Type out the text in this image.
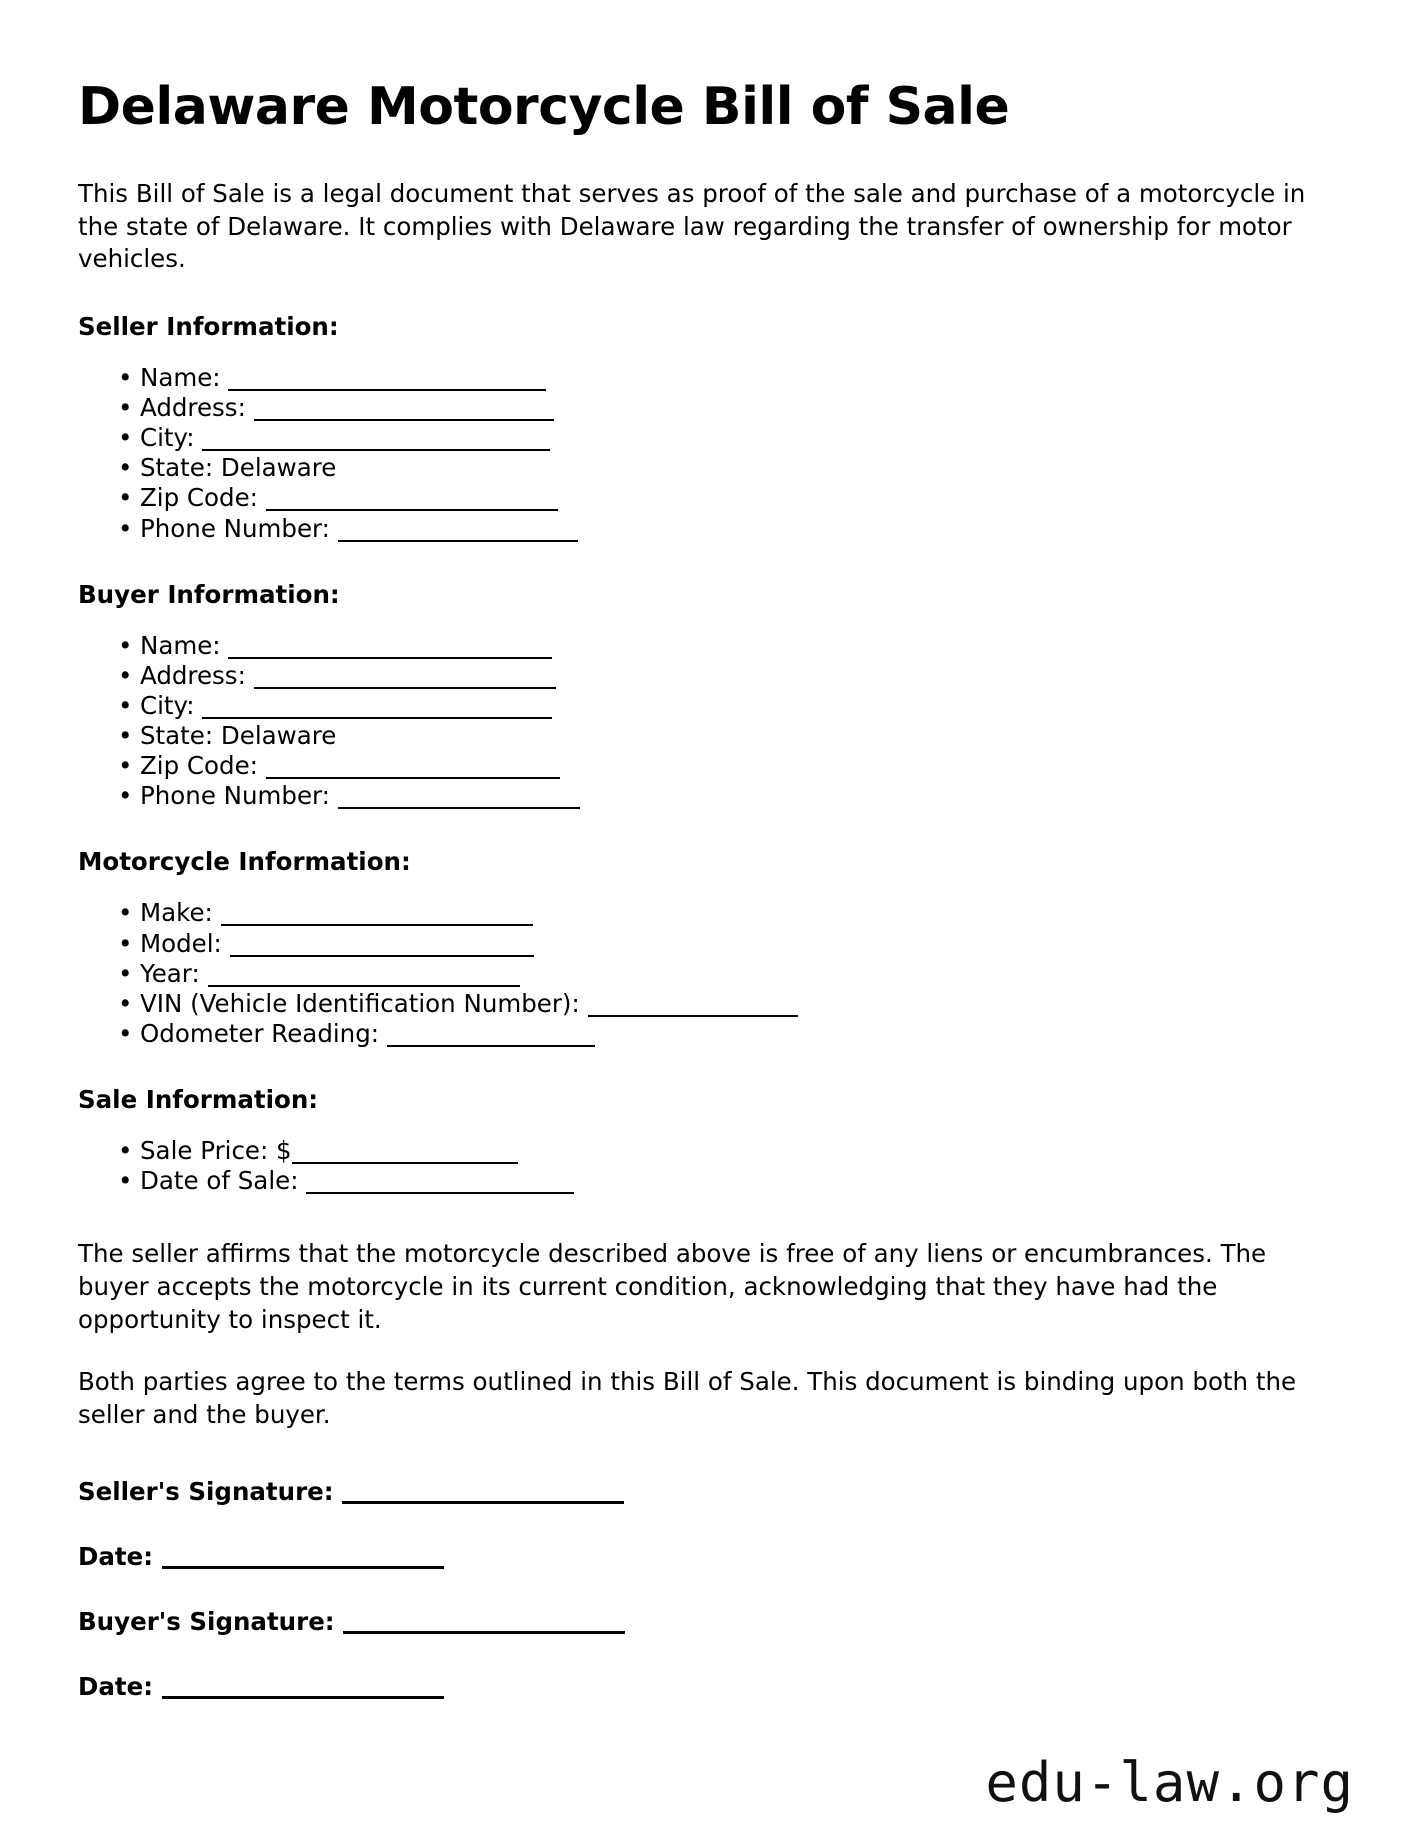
Delaware Motorcycle Bill of Sale

This Bill of Sale is a legal document that serves as proof of the sale and purchase of a motorcycle in the state of Delaware. It complies with Delaware law regarding the transfer of ownership for motor vehicles.

Seller Information:
• Name:
• Address:
• City:
• State: Delaware
• Zip Code:
• Phone Number:
Buyer Information:
• Name:
• Address:
• City:
• State: Delaware
• Zip Code:
• Phone Number:
Motorcycle Information:
• Make:
• Model:
• Year:
• VIN (Vehicle Identification Number):
• Odometer Reading:
Sale Information:
• Sale Price: $
• Date of Sale:

The seller affirms that the motorcycle described above is free of any liens or encumbrances. The buyer accepts the motorcycle in its current condition, acknowledging that they have had the opportunity to inspect it.

Both parties agree to the terms outlined in this Bill of Sale. This document is binding upon both the seller and the buyer.

Seller's Signature:
Date:
Buyer's Signature:
Date:
edu-law.org
